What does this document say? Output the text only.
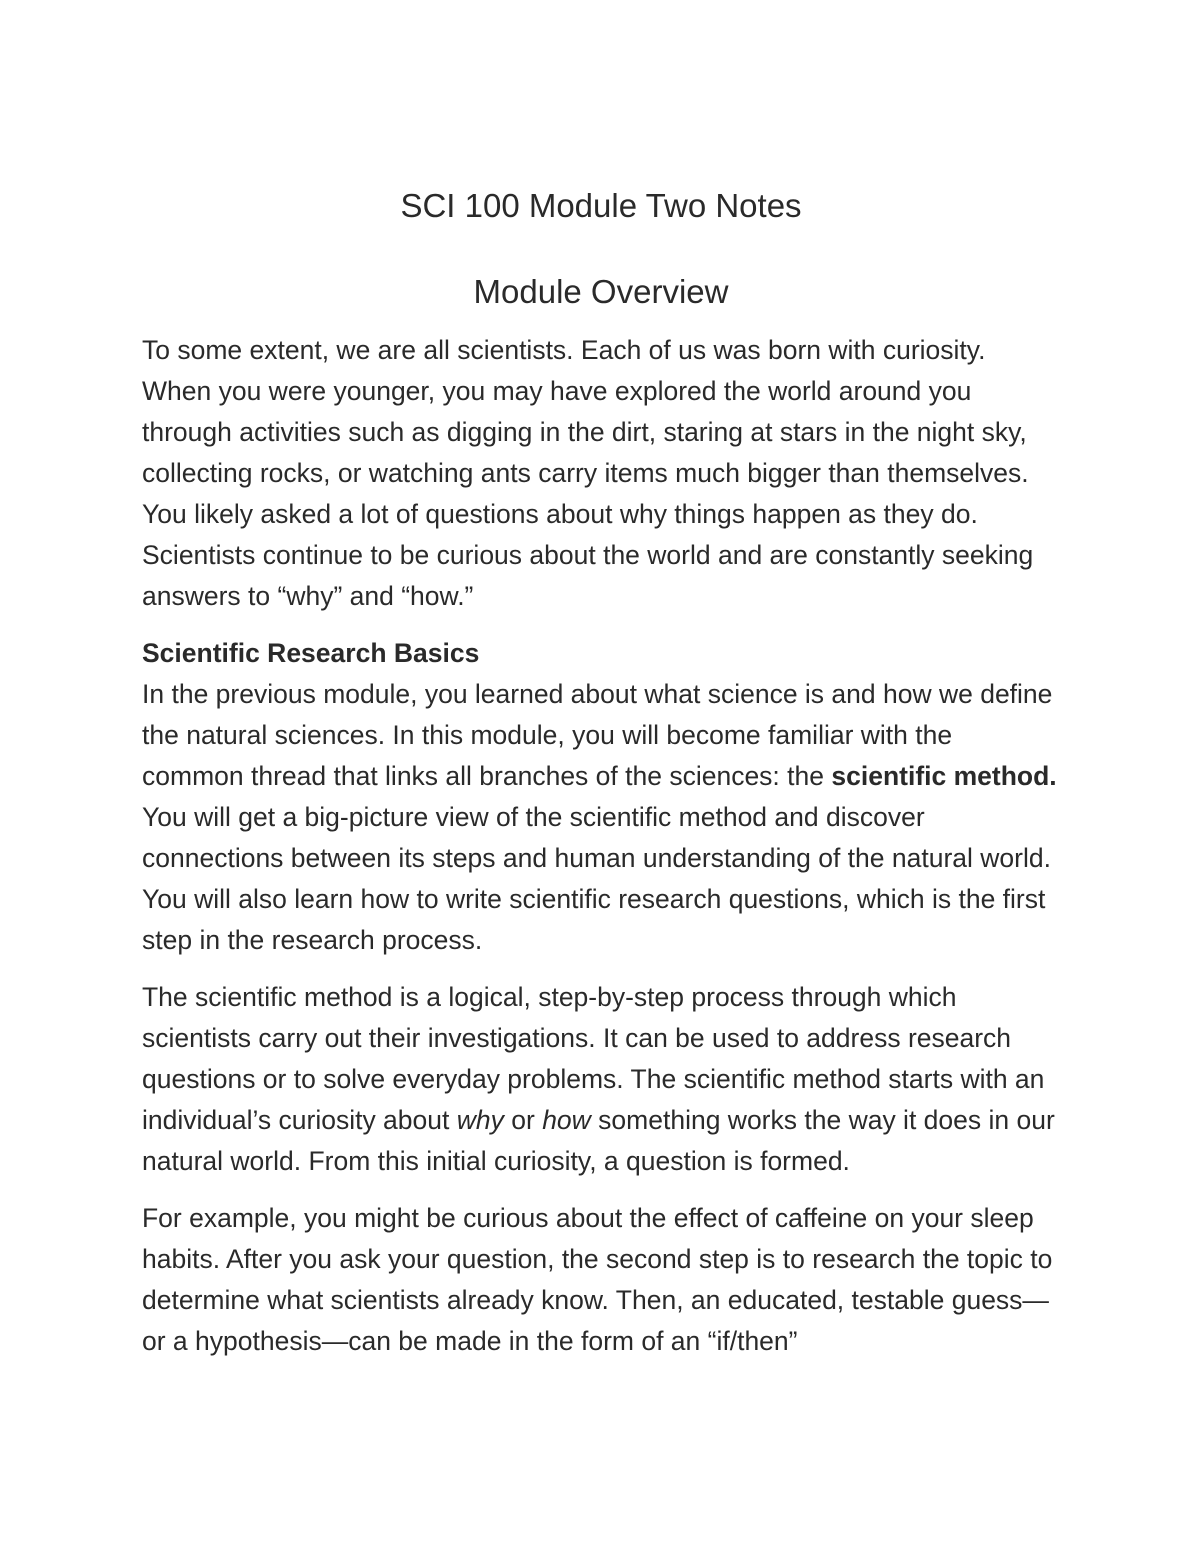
SCI 100 Module Two Notes
Module Overview

To some extent, we are all scientists. Each of us was born with curiosity. When you were younger, you may have explored the world around you through activities such as digging in the dirt, staring at stars in the night sky, collecting rocks, or watching ants carry items much bigger than themselves. You likely asked a lot of questions about why things happen as they do. Scientists continue to be curious about the world and are constantly seeking answers to “why” and “how.”

Scientific Research Basics
In the previous module, you learned about what science is and how we define the natural sciences. In this module, you will become familiar with the common thread that links all branches of the sciences: the scientific method. You will get a big-picture view of the scientific method and discover connections between its steps and human understanding of the natural world. You will also learn how to write scientific research questions, which is the first step in the research process.

The scientific method is a logical, step-by-step process through which scientists carry out their investigations. It can be used to address research questions or to solve everyday problems. The scientific method starts with an individual’s curiosity about why or how something works the way it does in our natural world. From this initial curiosity, a question is formed.

For example, you might be curious about the effect of caffeine on your sleep habits. After you ask your question, the second step is to research the topic to determine what scientists already know. Then, an educated, testable guess—or a hypothesis—can be made in the form of an “if/then”
